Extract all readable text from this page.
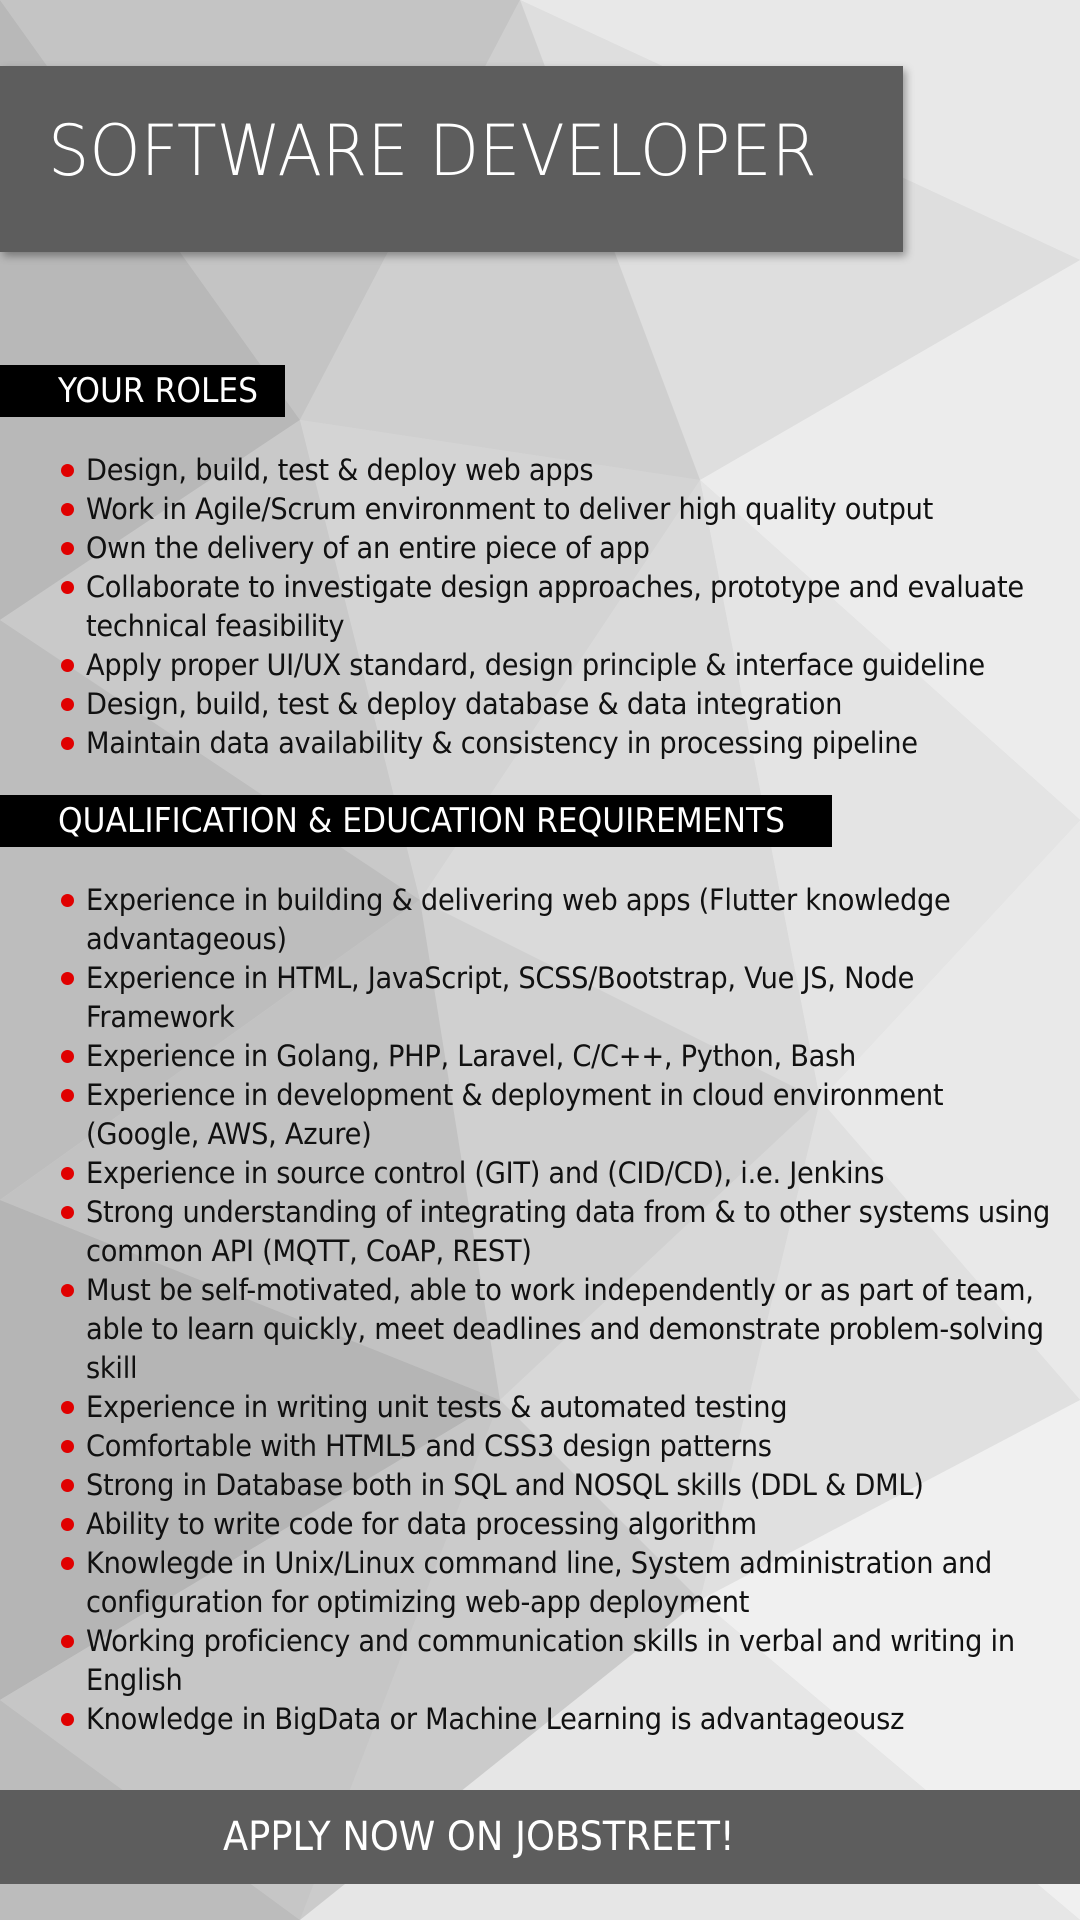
SOFTWARE DEVELOPER
YOUR ROLES
Design, build, test & deploy web apps
Work in Agile/Scrum environment to deliver high quality output
Own the delivery of an entire piece of app
Collaborate to investigate design approaches, prototype and evaluate technical feasibility
Apply proper UI/UX standard, design principle & interface guideline
Design, build, test & deploy database & data integration
Maintain data availability & consistency in processing pipeline
QUALIFICATION & EDUCATION REQUIREMENTS
Experience in building & delivering web apps (Flutter knowledge advantageous)
Experience in HTML, JavaScript, SCSS/Bootstrap, Vue JS, Node Framework
Experience in Golang, PHP, Laravel, C/C++, Python, Bash
Experience in development & deployment in cloud environment (Google, AWS, Azure)
Experience in source control (GIT) and (CID/CD), i.e. Jenkins
Strong understanding of integrating data from & to other systems using common API (MQTT, CoAP, REST)
Must be self-motivated, able to work independently or as part of team, able to learn quickly, meet deadlines and demonstrate problem-solving skill
Experience in writing unit tests & automated testing
Comfortable with HTML5 and CSS3 design patterns
Strong in Database both in SQL and NOSQL skills (DDL & DML)
Ability to write code for data processing algorithm
Knowlegde in Unix/Linux command line, System administration and configuration for optimizing web-app deployment
Working proficiency and communication skills in verbal and writing in English
Knowledge in BigData or Machine Learning is advantageousz
APPLY NOW ON JOBSTREET!
